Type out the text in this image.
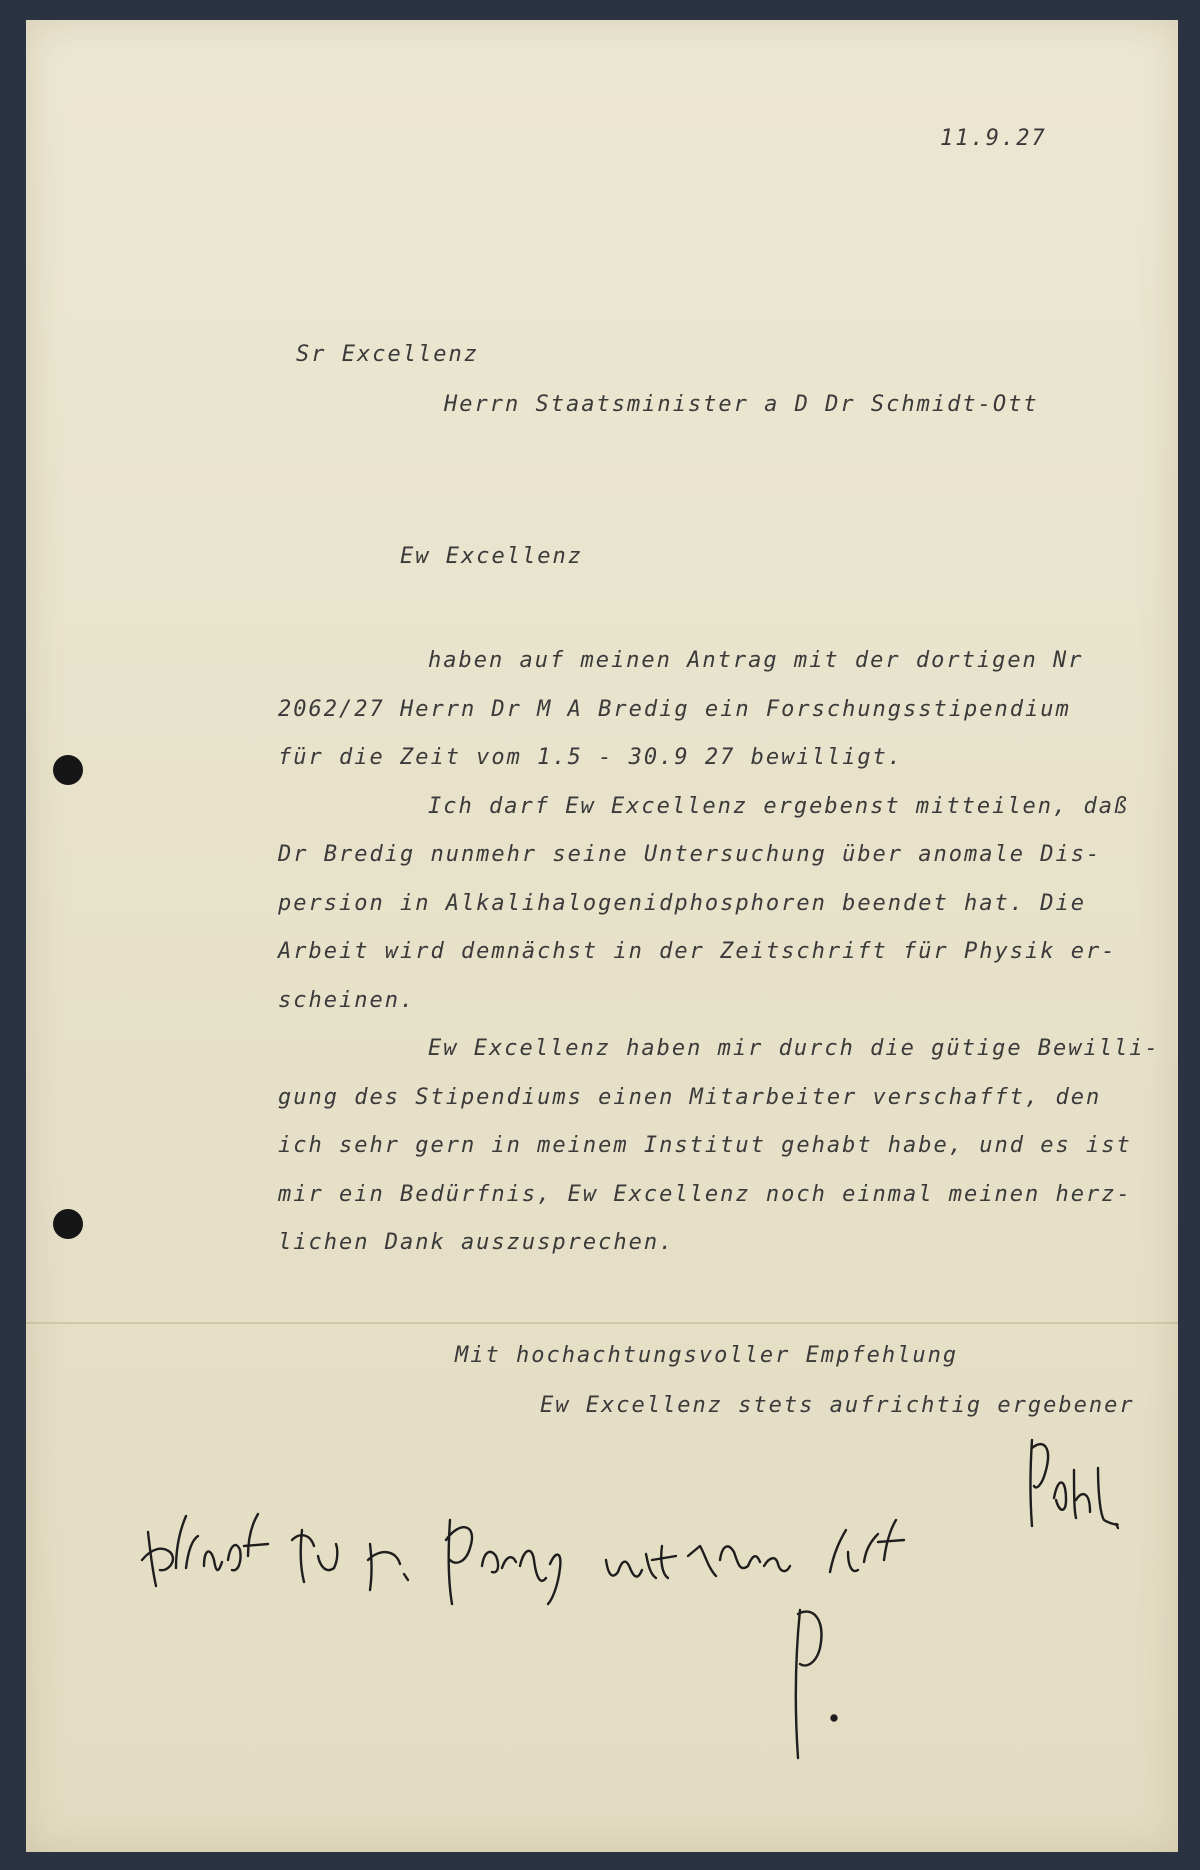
11.9.27

Sr Excellenz

Herrn Staatsminister a D Dr Schmidt-Ott

Ew Excellenz

haben auf meinen Antrag mit der dortigen Nr
2062/27 Herrn Dr M A Bredig ein Forschungsstipendium
für die Zeit vom 1.5 - 30.9 27 bewilligt.
Ich darf Ew Excellenz ergebenst mitteilen, daß
Dr Bredig nunmehr seine Untersuchung über anomale Dis-
persion in Alkalihalogenidphosphoren beendet hat. Die
Arbeit wird demnächst in der Zeitschrift für Physik er-
scheinen.
Ew Excellenz haben mir durch die gütige Bewilli-
gung des Stipendiums einen Mitarbeiter verschafft, den
ich sehr gern in meinem Institut gehabt habe, und es ist
mir ein Bedürfnis, Ew Excellenz noch einmal meinen herz-
lichen Dank auszusprechen.

Mit hochachtungsvoller Empfehlung

Ew Excellenz stets aufrichtig ergebener
